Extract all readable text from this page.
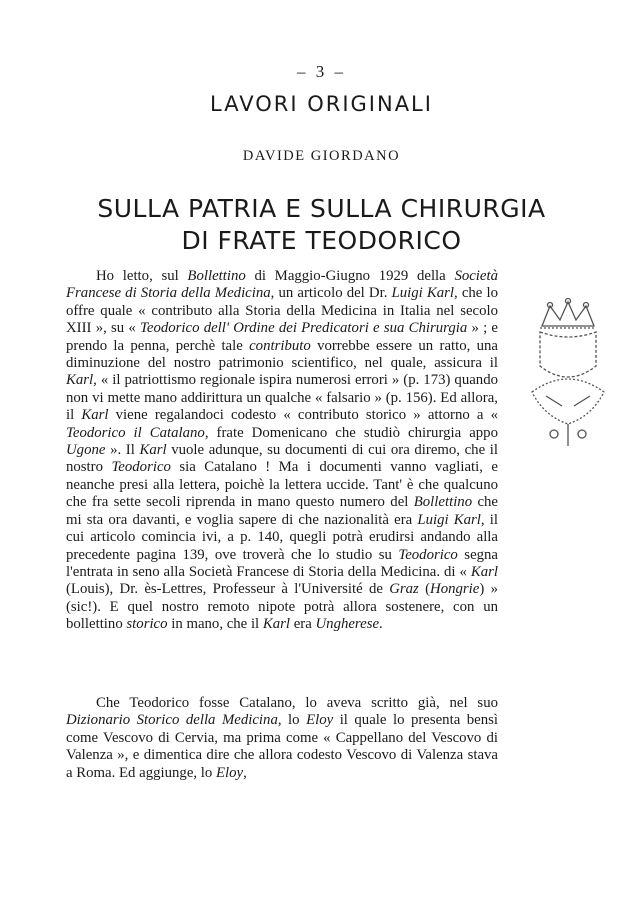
– 3 –
LAVORI ORIGINALI
DAVIDE GIORDANO
SULLA PATRIA E SULLA CHIRURGIA
DI FRATE TEODORICO

Ho letto, sul Bollettino di Maggio-Giugno 1929 della Società Francese di Storia della Medicina, un articolo del Dr. Luigi Karl, che lo offre quale « contributo alla Storia della Medicina in Italia nel secolo XIII », su « Teodorico dell' Ordine dei Predicatori e sua Chirurgia » ; e prendo la penna, perchè tale contributo vorrebbe essere un ratto, una diminuzione del nostro patrimonio scientifico, nel quale, assicura il Karl, « il patriottismo regionale ispira numerosi errori » (p. 173) quando non vi mette mano addirittura un qualche « falsario » (p. 156). Ed allora, il Karl viene regalandoci codesto « contributo storico » attorno a « Teodorico il Catalano, frate Domenicano che studiò chirurgia appo Ugone ». Il Karl vuole adunque, su documenti di cui ora diremo, che il nostro Teodorico sia Catalano ! Ma i documenti vanno vagliati, e neanche presi alla lettera, poichè la lettera uccide. Tant' è che qualcuno che fra sette secoli riprenda in mano questo numero del Bollettino che mi sta ora davanti, e voglia sapere di che nazionalità era Luigi Karl, il cui articolo comincia ivi, a p. 140, quegli potrà erudirsi andando alla precedente pagina 139, ove troverà che lo studio su Teodorico segna l'entrata in seno alla Società Francese di Storia della Medicina. di « Karl (Louis), Dr. ès-Lettres, Professeur à l'Université de Graz (Hongrie) » (sic!). E quel nostro remoto nipote potrà allora sostenere, con un bollettino storico in mano, che il Karl era Ungherese.

Che Teodorico fosse Catalano, lo aveva scritto già, nel suo Dizionario Storico della Medicina, lo Eloy il quale lo presenta bensì come Vescovo di Cervia, ma prima come « Cappellano del Vescovo di Valenza », e dimentica dire che allora codesto Vescovo di Valenza stava a Roma. Ed aggiunge, lo Eloy,
